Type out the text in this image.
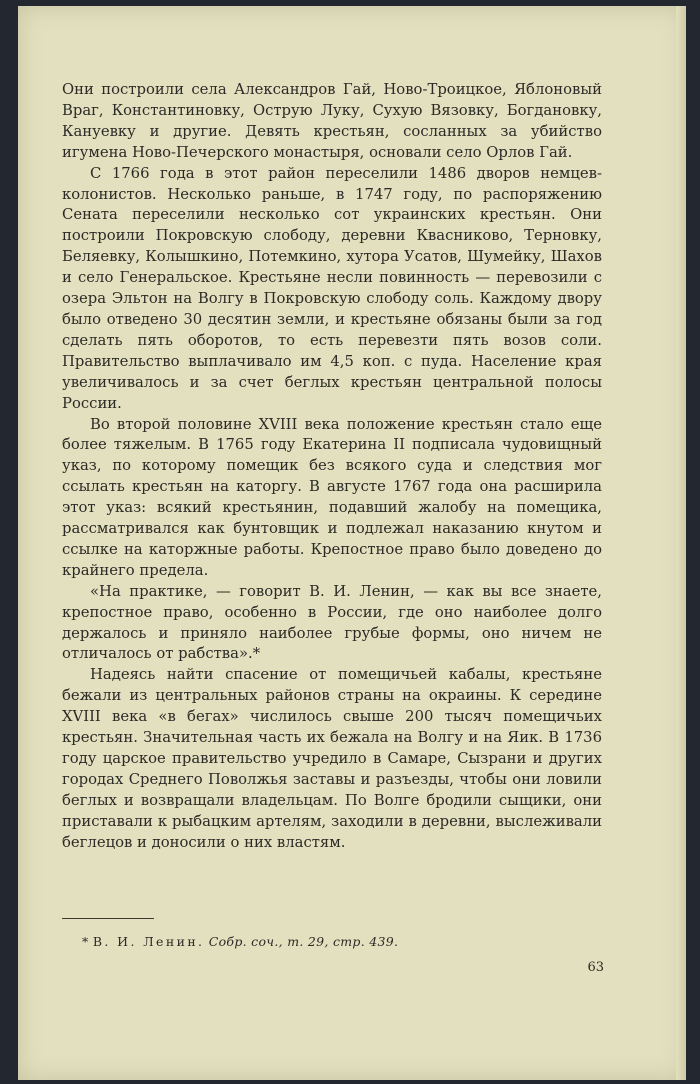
Они построили села Александров Гай, Ново-Троицкое, Яблоновый Враг, Константиновку, Острую Луку, Сухую Вязовку, Богдановку, Кануевку и другие. Девять крестьян, сосланных за убийство игумена Ново-Печерского монастыря, основали село Орлов Гай.

С 1766 года в этот район переселили 1486 дворов немцев-колонистов. Несколько раньше, в 1747 году, по распоряжению Сената переселили несколько сот украинских крестьян. Они построили Покровскую слободу, деревни Квасниково, Терновку, Беляевку, Колышкино, Потемкино, хутора Усатов, Шумейку, Шахов и село Генеральское. Крестьяне несли повинность — перевозили с озера Эльтон на Волгу в Покровскую слободу соль. Каждому двору было отведено 30 десятин земли, и крестьяне обязаны были за год сделать пять оборотов, то есть перевезти пять возов соли. Правительство выплачивало им 4,5 коп. с пуда. Население края увеличивалось и за счет беглых крестьян центральной полосы России.

Во второй половине XVIII века положение крестьян стало еще более тяжелым. В 1765 году Екатерина II подписала чудовищный указ, по которому помещик без всякого суда и следствия мог ссылать крестьян на каторгу. В августе 1767 года она расширила этот указ: всякий крестьянин, подавший жалобу на помещика, рассматривался как бунтовщик и подлежал наказанию кнутом и ссылке на каторжные работы. Крепостное право было доведено до крайнего предела.

«На практике, — говорит В. И. Ленин, — как вы все знаете, крепостное право, особенно в России, где оно наиболее долго держалось и приняло наиболее грубые формы, оно ничем не отличалось от рабства».*

Надеясь найти спасение от помещичьей кабалы, крестьяне бежали из центральных районов страны на окраины. К середине XVIII века «в бегах» числилось свыше 200 тысяч помещичьих крестьян. Значительная часть их бежала на Волгу и на Яик. В 1736 году царское правительство учредило в Самаре, Сызрани и других городах Среднего Поволжья заставы и разъезды, чтобы они ловили беглых и возвращали владельцам. По Волге бродили сыщики, они приставали к рыбацким артелям, заходили в деревни, выслеживали беглецов и доносили о них властям.

* В. И. Ленин. Собр. соч., т. 29, стр. 439.
63
